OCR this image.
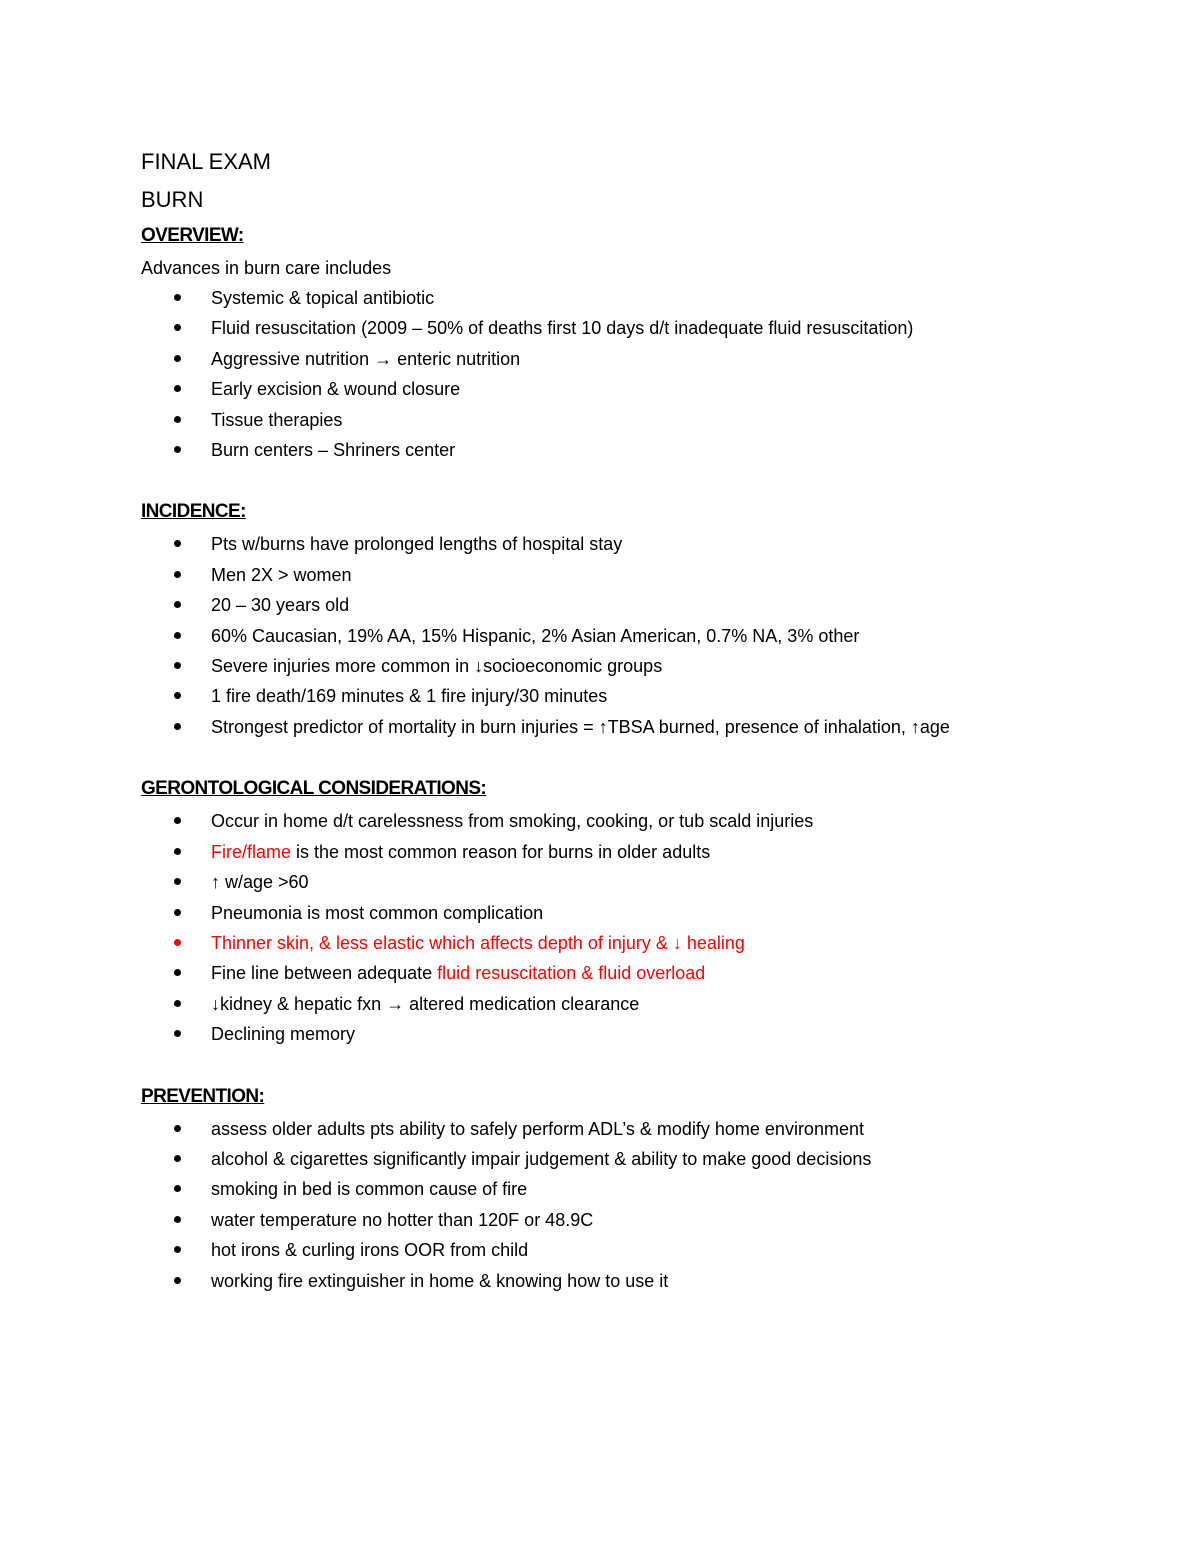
FINAL EXAM

BURN

OVERVIEW:

Advances in burn care includes

Systemic & topical antibiotic
Fluid resuscitation (2009 – 50% of deaths first 10 days d/t inadequate fluid resuscitation)
Aggressive nutrition → enteric nutrition
Early excision & wound closure
Tissue therapies
Burn centers – Shriners center

INCIDENCE:

Pts w/burns have prolonged lengths of hospital stay
Men 2X > women
20 – 30 years old
60% Caucasian, 19% AA, 15% Hispanic, 2% Asian American, 0.7% NA, 3% other
Severe injuries more common in ↓socioeconomic groups
1 fire death/169 minutes & 1 fire injury/30 minutes
Strongest predictor of mortality in burn injuries = ↑TBSA burned, presence of inhalation, ↑age

GERONTOLOGICAL CONSIDERATIONS:

Occur in home d/t carelessness from smoking, cooking, or tub scald injuries
Fire/flame is the most common reason for burns in older adults
↑ w/age >60
Pneumonia is most common complication
Thinner skin, & less elastic which affects depth of injury & ↓ healing
Fine line between adequate fluid resuscitation & fluid overload
↓kidney & hepatic fxn → altered medication clearance
Declining memory

PREVENTION:

assess older adults pts ability to safely perform ADL’s & modify home environment
alcohol & cigarettes significantly impair judgement & ability to make good decisions
smoking in bed is common cause of fire
water temperature no hotter than 120F or 48.9C
hot irons & curling irons OOR from child
working fire extinguisher in home & knowing how to use it
